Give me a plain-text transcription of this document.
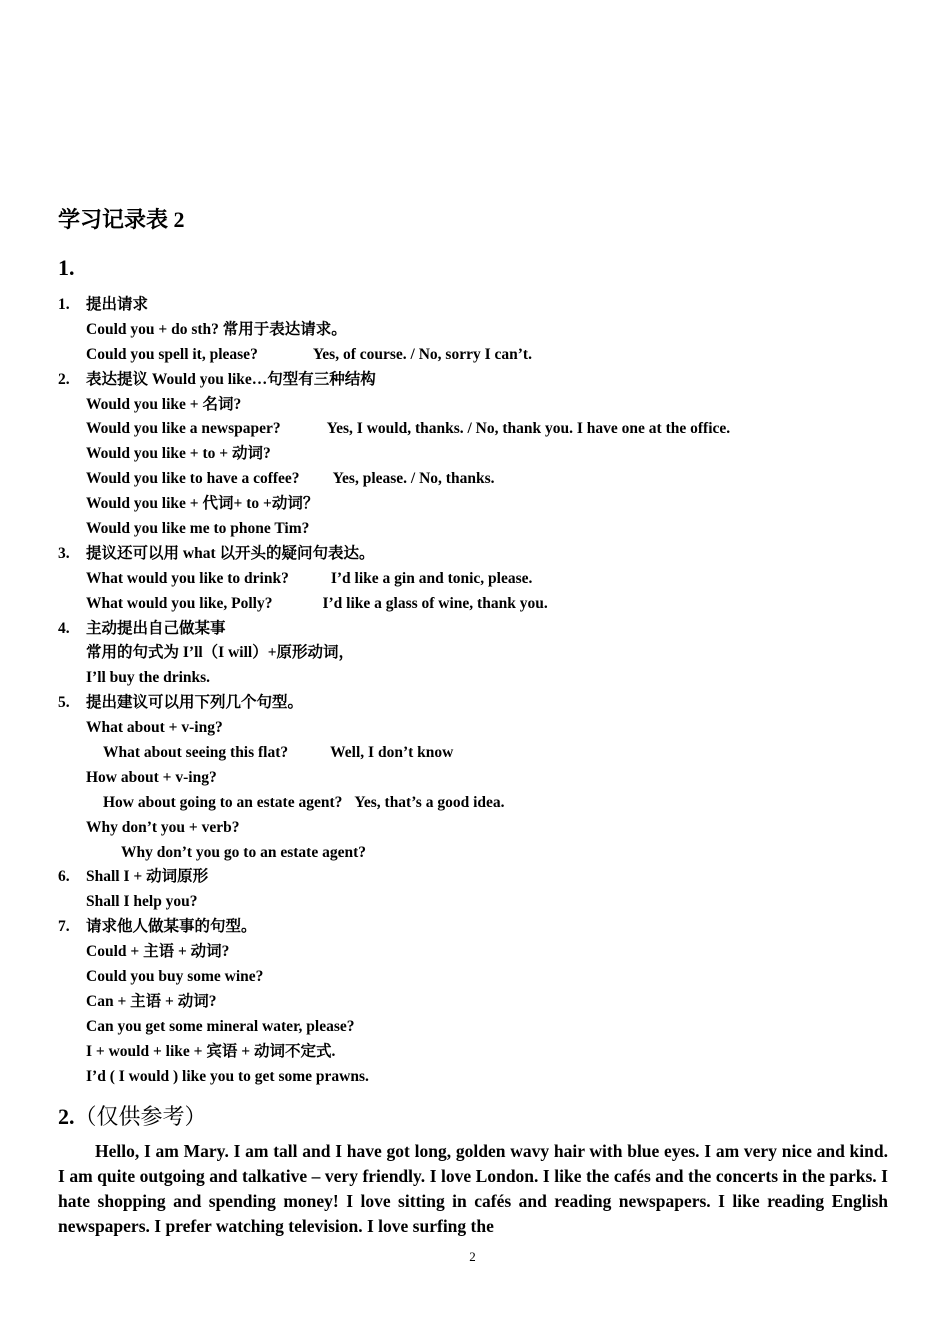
学习记录表 2
1.
1. 提出请求
Could you + do sth? 常用于表达请求。
Could you spell it, please?	Yes, of course. / No, sorry I can’t.
2. 表达提议 Would you like…句型有三种结构
Would you like + 名词?
Would you like a newspaper?	Yes, I would, thanks. / No, thank you. I have one at the office.
Would you like + to + 动词?
Would you like to have a coffee? Yes, please. / No, thanks.
Would you like + 代词+ to +动词？
Would you like me to phone Tim?
3. 提议还可以用 what 以开头的疑问句表达。
What would you like to drink?	I’d like a gin and tonic, please.
What would you like, Polly?	I’d like a glass of wine, thank you.
4. 主动提出自己做某事
常用的句式为 I’ll（I will）+原形动词，
I’ll buy the drinks.
5. 提出建议可以用下列几个句型。
What about + v-ing?
What about seeing this flat?	Well, I don’t know
How about + v-ing?
How about going to an estate agent? Yes, that’s a good idea.
Why don’t you + verb?
Why don’t you go to an estate agent?
6. Shall I + 动词原形
Shall I help you?
7. 请求他人做某事的句型。
Could + 主语 + 动词?
Could you buy some wine?
Can + 主语 + 动词?
Can you get some mineral water, please?
I + would + like + 宾语 + 动词不定式.
I’d ( I would ) like you to get some prawns.
2.（仅供参考）
Hello, I am Mary. I am tall and I have got long, golden wavy hair with blue eyes. I am very nice and kind. I am quite outgoing and talkative – very friendly. I love London. I like the cafés and the concerts in the parks. I hate shopping and spending money! I love sitting in cafés and reading newspapers. I like reading English newspapers. I prefer watching television. I love surfing the
2
